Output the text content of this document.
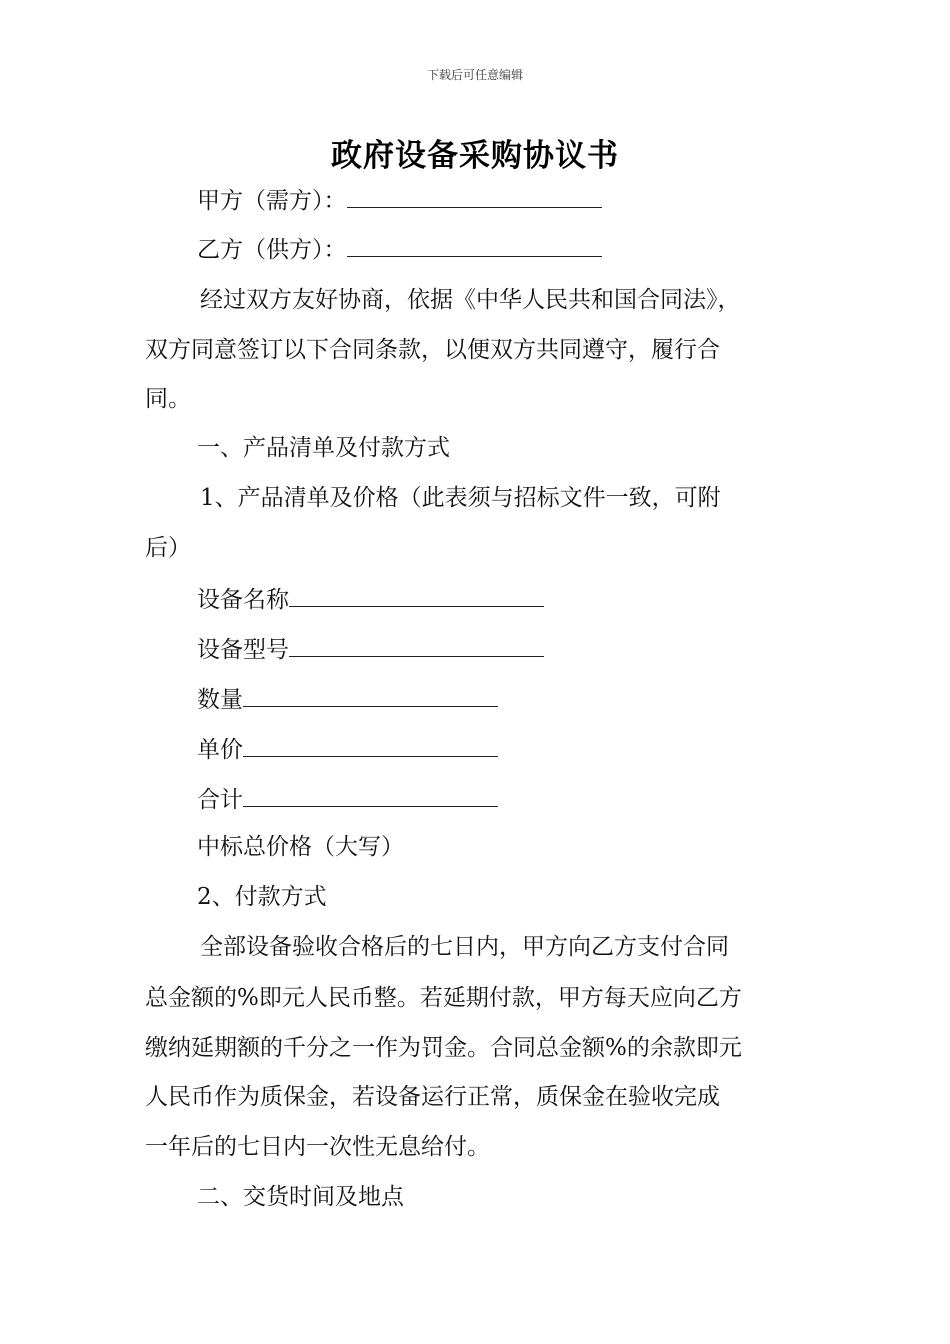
下载后可任意编辑
政府设备采购协议书
甲方（需方）：
乙方（供方）：
经过双方友好协商，依据《中华人民共和国合同法》，
双方同意签订以下合同条款，以便双方共同遵守，履行合
同。
一、产品清单及付款方式
1、产品清单及价格（此表须与招标文件一致，可附
后）
设备名称
设备型号
数量
单价
合计
中标总价格（大写）
2、付款方式
全部设备验收合格后的七日内，甲方向乙方支付合同
总金额的%即元人民币整。若延期付款，甲方每天应向乙方
缴纳延期额的千分之一作为罚金。合同总金额%的余款即元
人民币作为质保金，若设备运行正常，质保金在验收完成
一年后的七日内一次性无息给付。
二、交货时间及地点
